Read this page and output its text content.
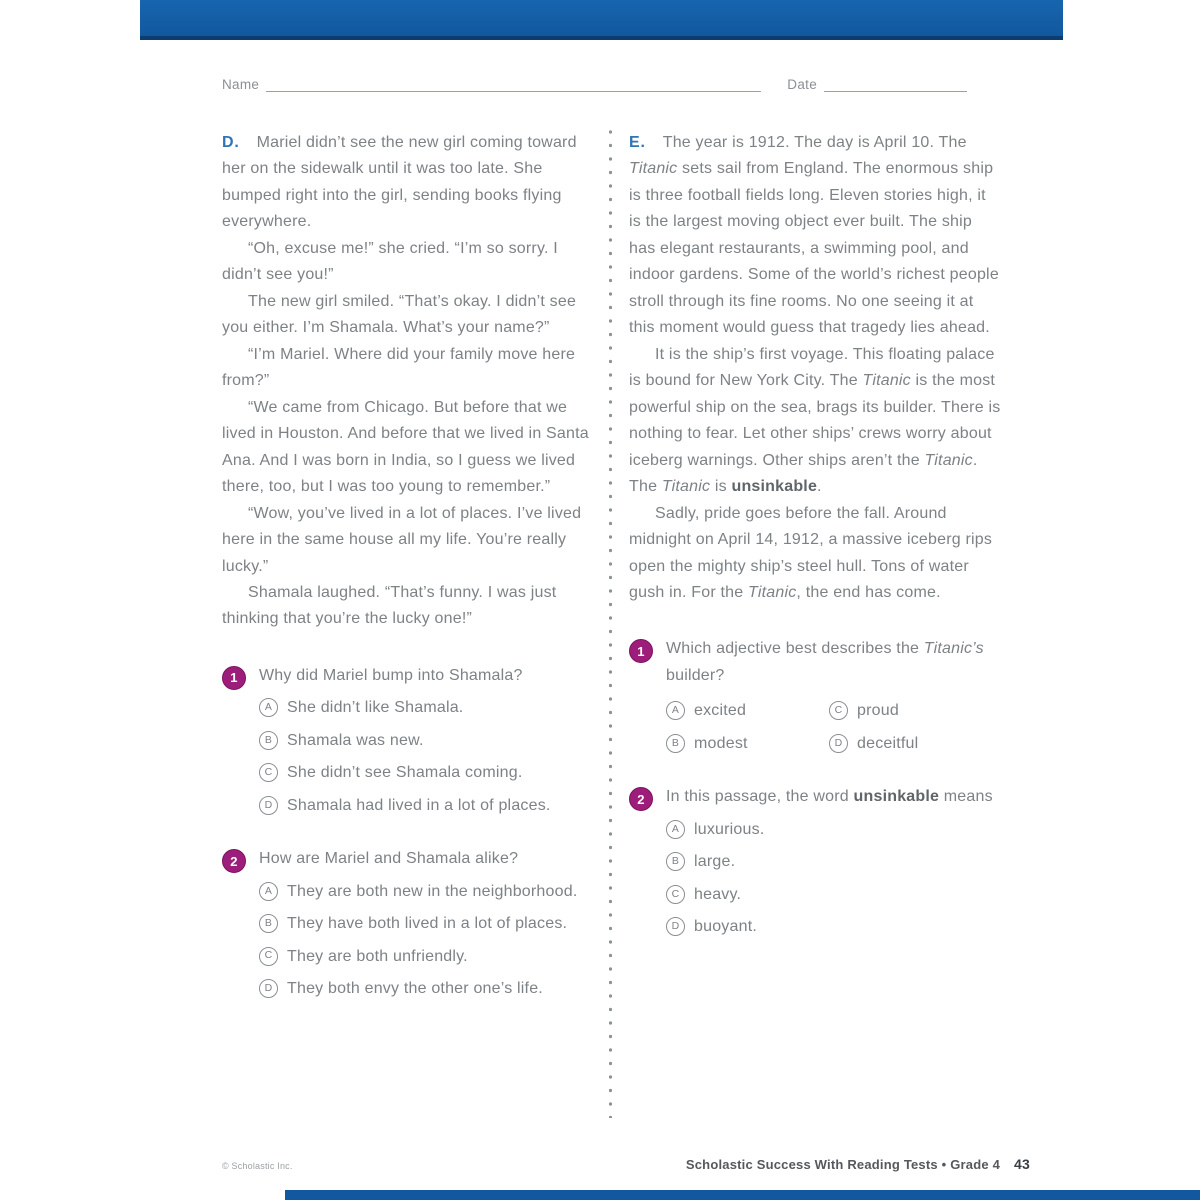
Name	Date

D. Mariel didn’t see the new girl coming toward her on the sidewalk until it was too late. She bumped right into the girl, sending books flying everywhere.

“Oh, excuse me!” she cried. “I’m so sorry. I didn’t see you!”

The new girl smiled. “That’s okay. I didn’t see you either. I’m Shamala. What’s your name?”

“I’m Mariel. Where did your family move here from?”

“We came from Chicago. But before that we lived in Houston. And before that we lived in Santa Ana. And I was born in India, so I guess we lived there, too, but I was too young to remember.”

“Wow, you’ve lived in a lot of places. I’ve lived here in the same house all my life. You’re really lucky.”

Shamala laughed. “That’s funny. I was just thinking that you’re the lucky one!”

1	Why did Mariel bump into Shamala?

A She didn’t like Shamala.
B Shamala was new.
C She didn’t see Shamala coming.
D Shamala had lived in a lot of places.
2	How are Mariel and Shamala alike?

A They are both new in the neighborhood.
B They have both lived in a lot of places.
C They are both unfriendly.
D They both envy the other one’s life.

E. The year is 1912. The day is April 10. The Titanic sets sail from England. The enormous ship is three football fields long. Eleven stories high, it is the largest moving object ever built. The ship has elegant restaurants, a swimming pool, and indoor gardens. Some of the world’s richest people stroll through its fine rooms. No one seeing it at this moment would guess that tragedy lies ahead.

It is the ship’s first voyage. This floating palace is bound for New York City. The Titanic is the most powerful ship on the sea, brags its builder. There is nothing to fear. Let other ships’ crews worry about iceberg warnings. Other ships aren’t the Titanic. The Titanic is unsinkable.

Sadly, pride goes before the fall. Around midnight on April 14, 1912, a massive iceberg rips open the mighty ship’s steel hull. Tons of water gush in. For the Titanic, the end has come.

1	Which adjective best describes the Titanic’s builder?

A excited
B modest
C proud
D deceitful
2	In this passage, the word unsinkable means

A luxurious.
B large.
C heavy.
D buoyant.
© Scholastic Inc.	Scholastic Success With Reading Tests • Grade 4 43
